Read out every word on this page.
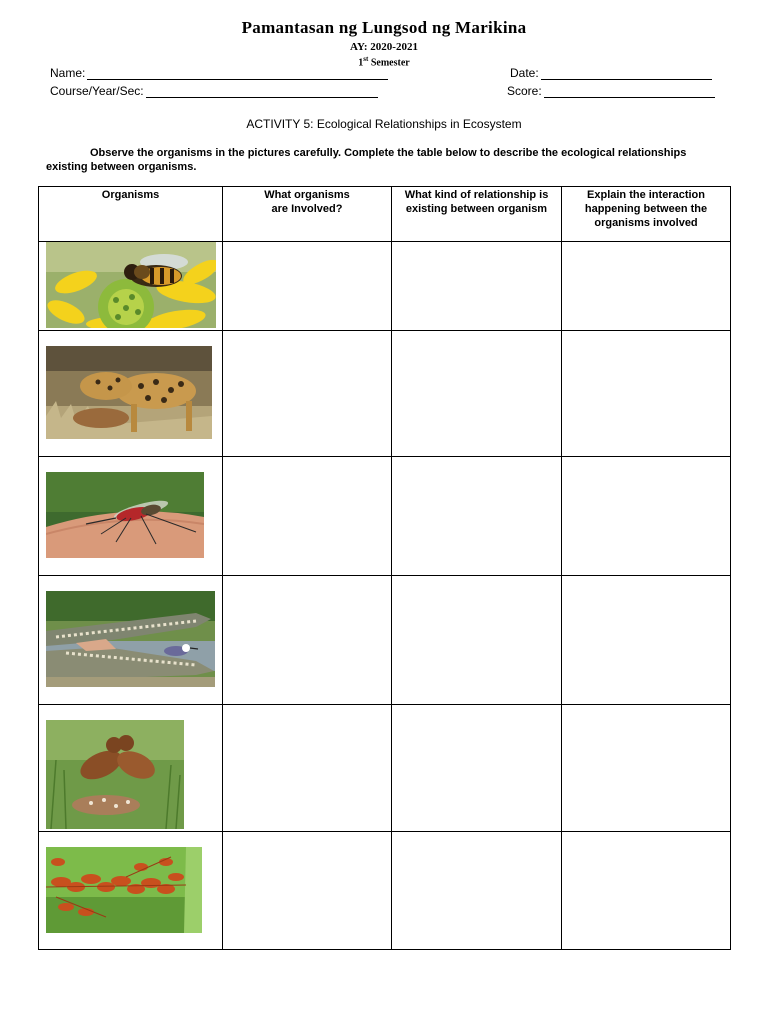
Pamantasan ng Lungsod ng Marikina
AY: 2020-2021
1st Semester
Name:	Date:
Course/Year/Sec:	Score:
ACTIVITY 5: Ecological Relationships in Ecosystem
Observe the organisms in the pictures carefully. Complete the table below to describe the ecological relationships existing between organisms.
Organisms	What organisms are Involved?	What kind of relationship is existing between organism	Explain the interaction happening between the organisms involved
